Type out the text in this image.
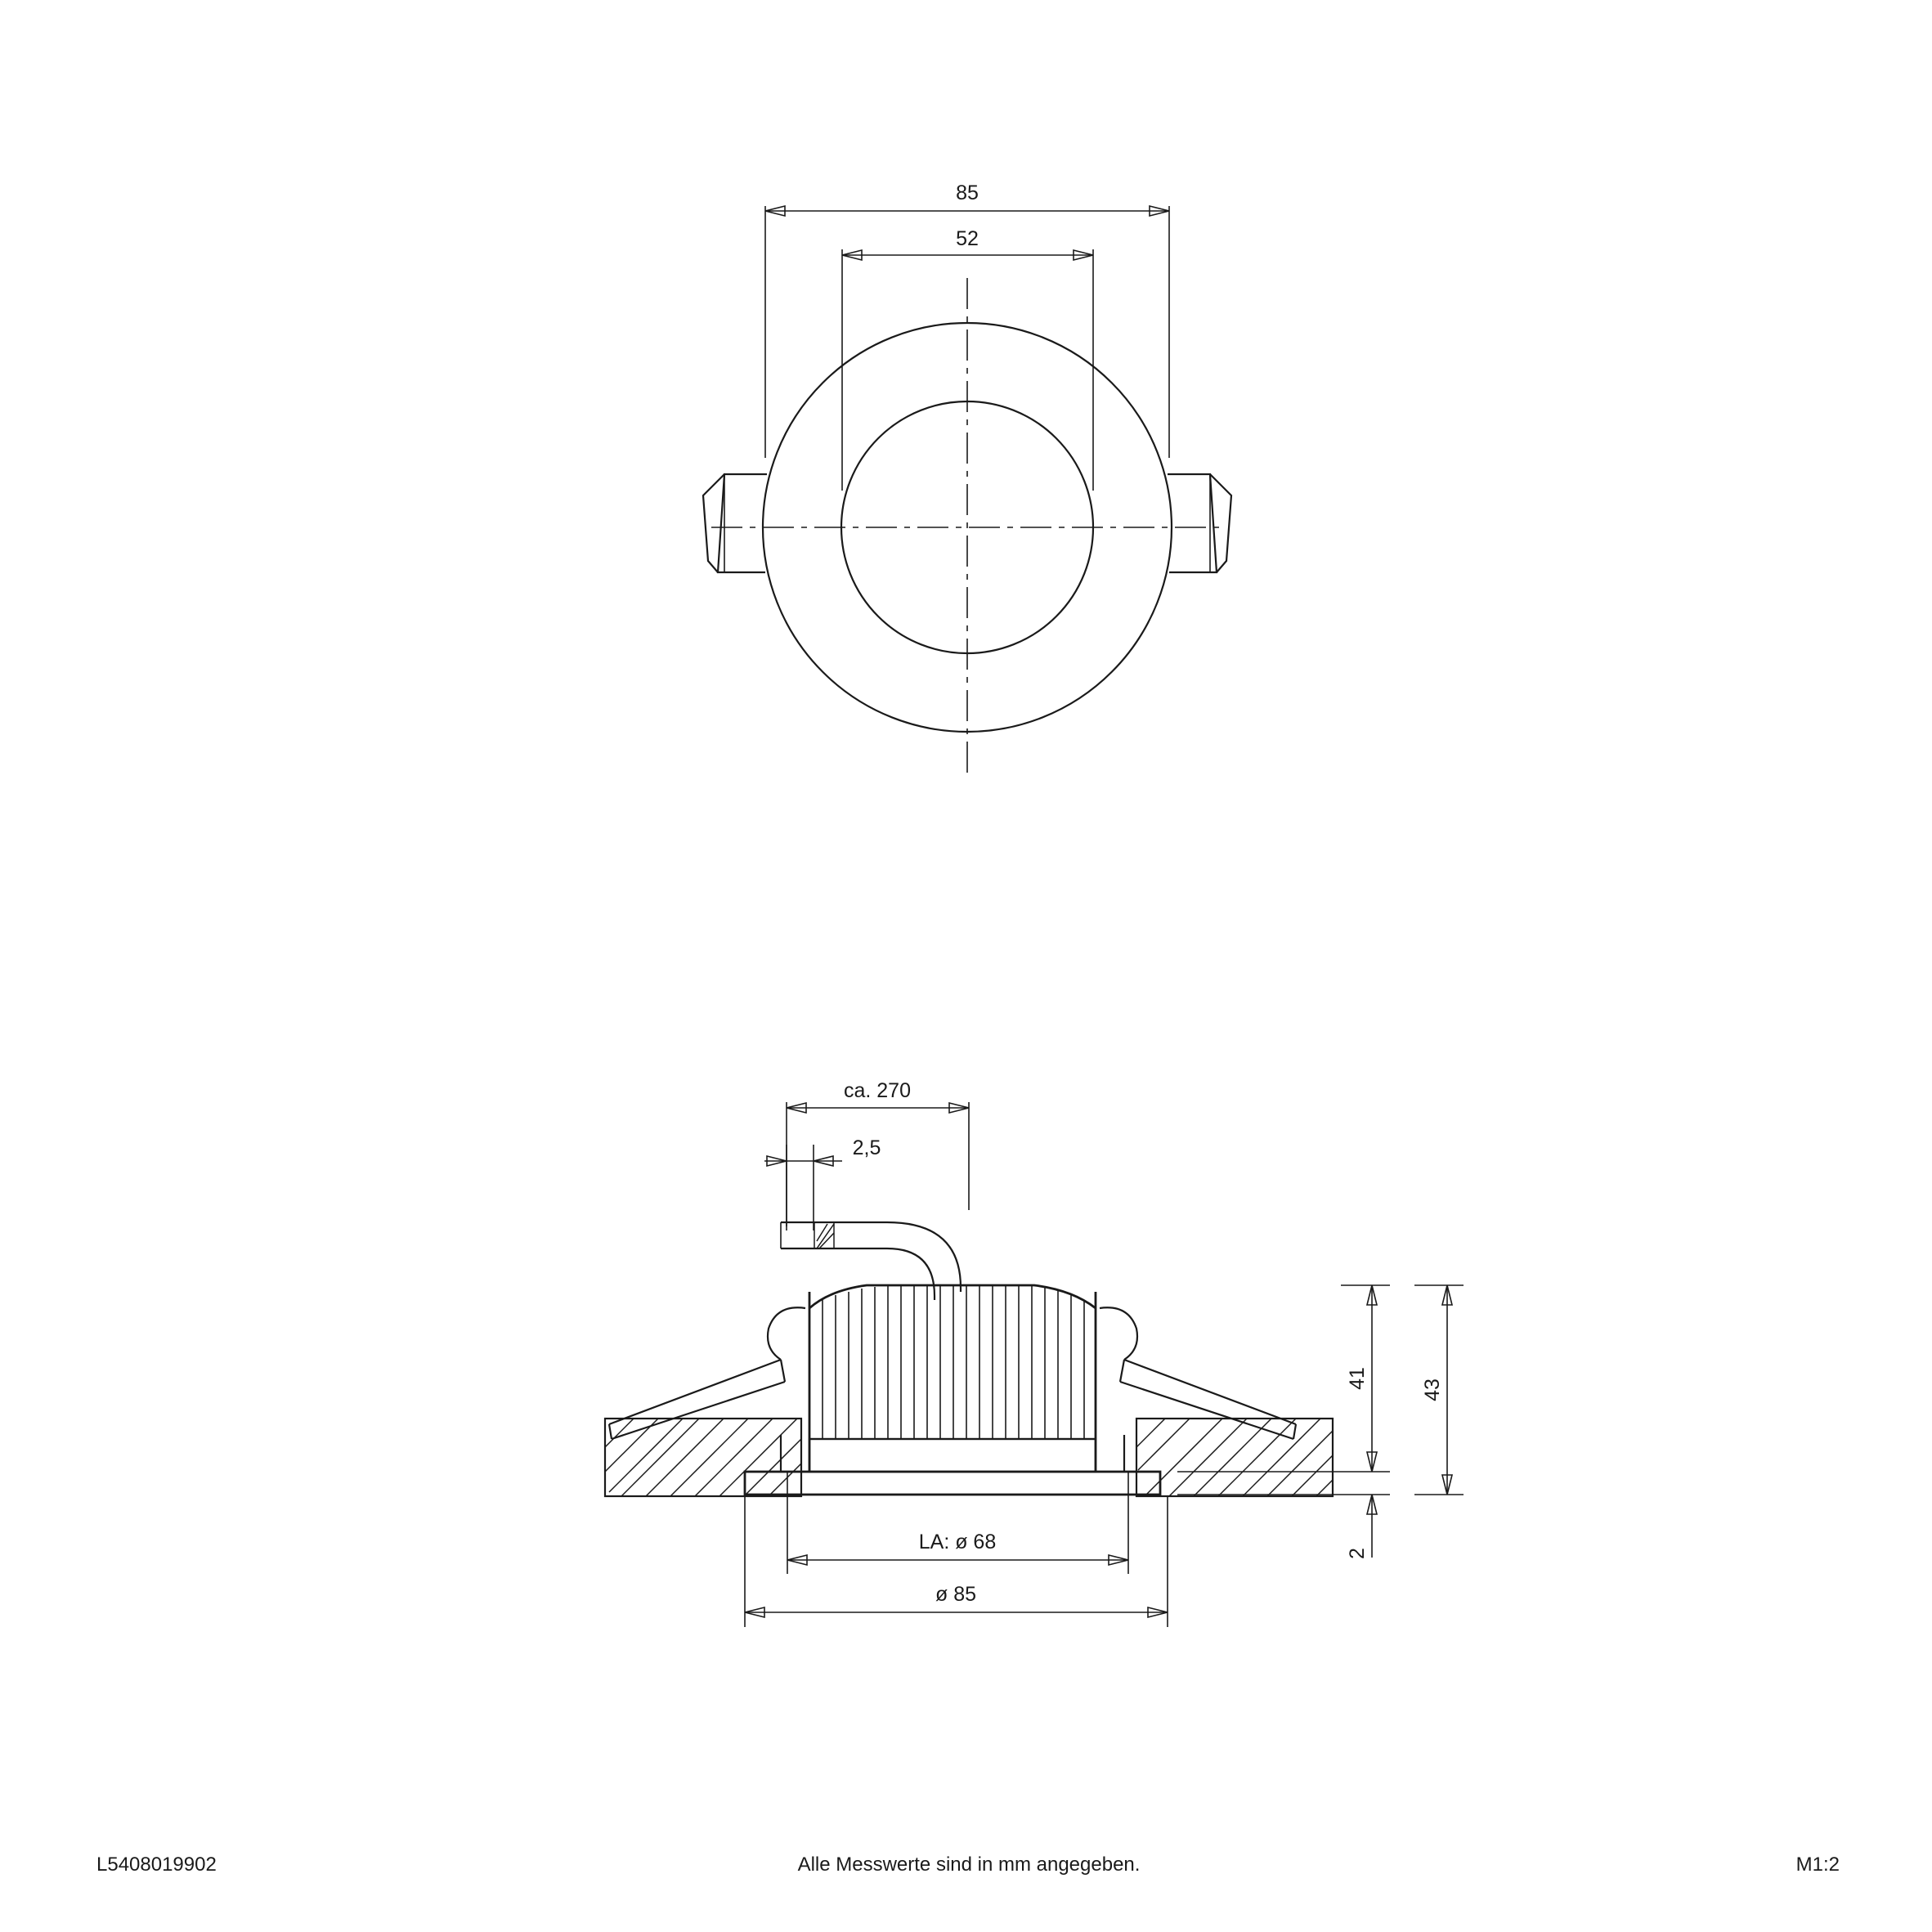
85
52
ca. 270
2,5
41
43
2
LA: ø 68
ø 85
L5408019902	Alle Messwerte sind in mm angegeben.	M1:2
